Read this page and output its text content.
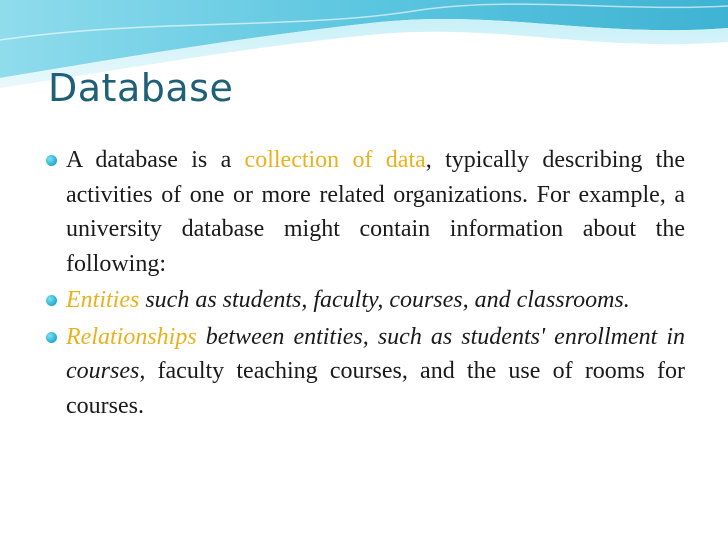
Database
A database is a collection of data, typically describing the activities of one or more related organizations. For example, a university database might contain information about the following:
Entities such as students, faculty, courses, and classrooms.
Relationships between entities, such as students' enrollment in courses, faculty teaching courses, and the use of rooms for courses.
